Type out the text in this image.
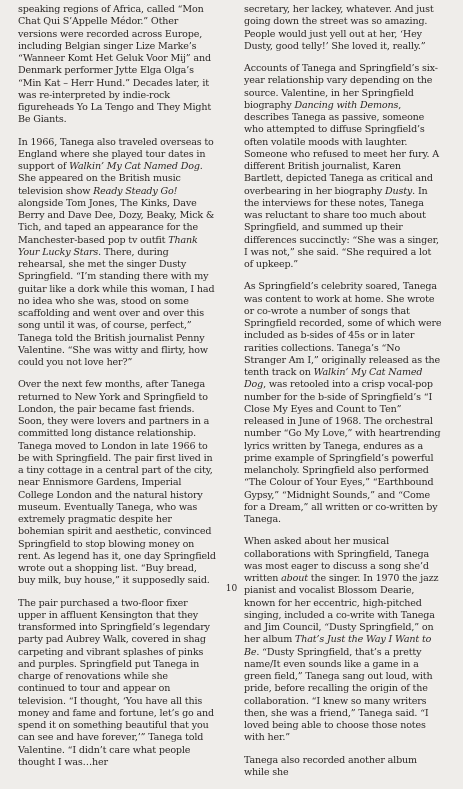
speaking regions of Africa, called “Mon Chat Qui S’Appelle Médor.” Other versions were recorded across Europe, including Belgian singer Lize Marke’s “Wanneer Komt Het Geluk Voor Mij” and Denmark performer Jytte Elga Olga’s “Min Kat – Herr Hund.” Decades later, it was re-interpreted by indie-rock figureheads Yo La Tengo and They Might Be Giants.

In 1966, Tanega also traveled overseas to England where she played tour dates in support of Walkin’ My Cat Named Dog. She appeared on the British music television show Ready Steady Go! alongside Tom Jones, The Kinks, Dave Berry and Dave Dee, Dozy, Beaky, Mick & Tich, and taped an appearance for the Manchester-based pop tv outfit Thank Your Lucky Stars. There, during rehearsal, she met the singer Dusty Springfield. “I’m standing there with my guitar like a dork while this woman, I had no idea who she was, stood on some scaffolding and went over and over this song until it was, of course, perfect,” Tanega told the British journalist Penny Valentine. “She was witty and flirty, how could you not love her?”

Over the next few months, after Tanega returned to New York and Springfield to London, the pair became fast friends. Soon, they were lovers and partners in a committed long distance relationship. Tanega moved to London in late 1966 to be with Springfield. The pair first lived in a tiny cottage in a central part of the city, near Ennismore Gardens, Imperial College London and the natural history museum. Eventually Tanega, who was extremely pragmatic despite her bohemian spirit and aesthetic, convinced Springfield to stop blowing money on rent. As legend has it, one day Springfield wrote out a shopping list. “Buy bread, buy milk, buy house,” it supposedly said.

The pair purchased a two-floor fixer upper in affluent Kensington that they transformed into Springfield’s legendary party pad Aubrey Walk, covered in shag carpeting and vibrant splashes of pinks and purples. Springfield put Tanega in charge of renovations while she continued to tour and appear on television. “I thought, ‘You have all this money and fame and fortune, let’s go and spend it on something beautiful that you can see and have forever,’” Tanega told Valentine. “I didn’t care what people thought I was…her

secretary, her lackey, whatever. And just going down the street was so amazing. People would just yell out at her, ‘Hey Dusty, good telly!’ She loved it, really.”

Accounts of Tanega and Springfield’s six-year relationship vary depending on the source. Valentine, in her Springfield biography Dancing with Demons, describes Tanega as passive, someone who attempted to diffuse Springfield’s often volatile moods with laughter. Someone who refused to meet her fury. A different British journalist, Karen Bartlett, depicted Tanega as critical and overbearing in her biography Dusty. In the interviews for these notes, Tanega was reluctant to share too much about Springfield, and summed up their differences succinctly: “She was a singer, I was not,” she said. “She required a lot of upkeep.”

As Springfield’s celebrity soared, Tanega was content to work at home. She wrote or co-wrote a number of songs that Springfield recorded, some of which were included as b-sides of 45s or in later rarities collections. Tanega’s “No Stranger Am I,” originally released as the tenth track on Walkin’ My Cat Named Dog, was retooled into a crisp vocal-pop number for the b-side of Springfield’s “I Close My Eyes and Count to Ten” released in June of 1968. The orchestral number “Go My Love,” with heartrending lyrics written by Tanega, endures as a prime example of Springfield’s powerful melancholy. Springfield also performed “The Colour of Your Eyes,” “Earthbound Gypsy,” “Midnight Sounds,” and “Come for a Dream,” all written or co-written by Tanega.

When asked about her musical collaborations with Springfield, Tanega was most eager to discuss a song she’d written about the singer. In 1970 the jazz pianist and vocalist Blossom Dearie, known for her eccentric, high-pitched singing, included a co-write with Tanega and Jim Council, “Dusty Springfield,” on her album That’s Just the Way I Want to Be. “Dusty Springfield, that’s a pretty name/It even sounds like a game in a green field,” Tanega sang out loud, with pride, before recalling the origin of the collaboration. “I knew so many writers then, she was a friend,” Tanega said. “I loved being able to choose those notes with her.”

Tanega also recorded another album while she

10
